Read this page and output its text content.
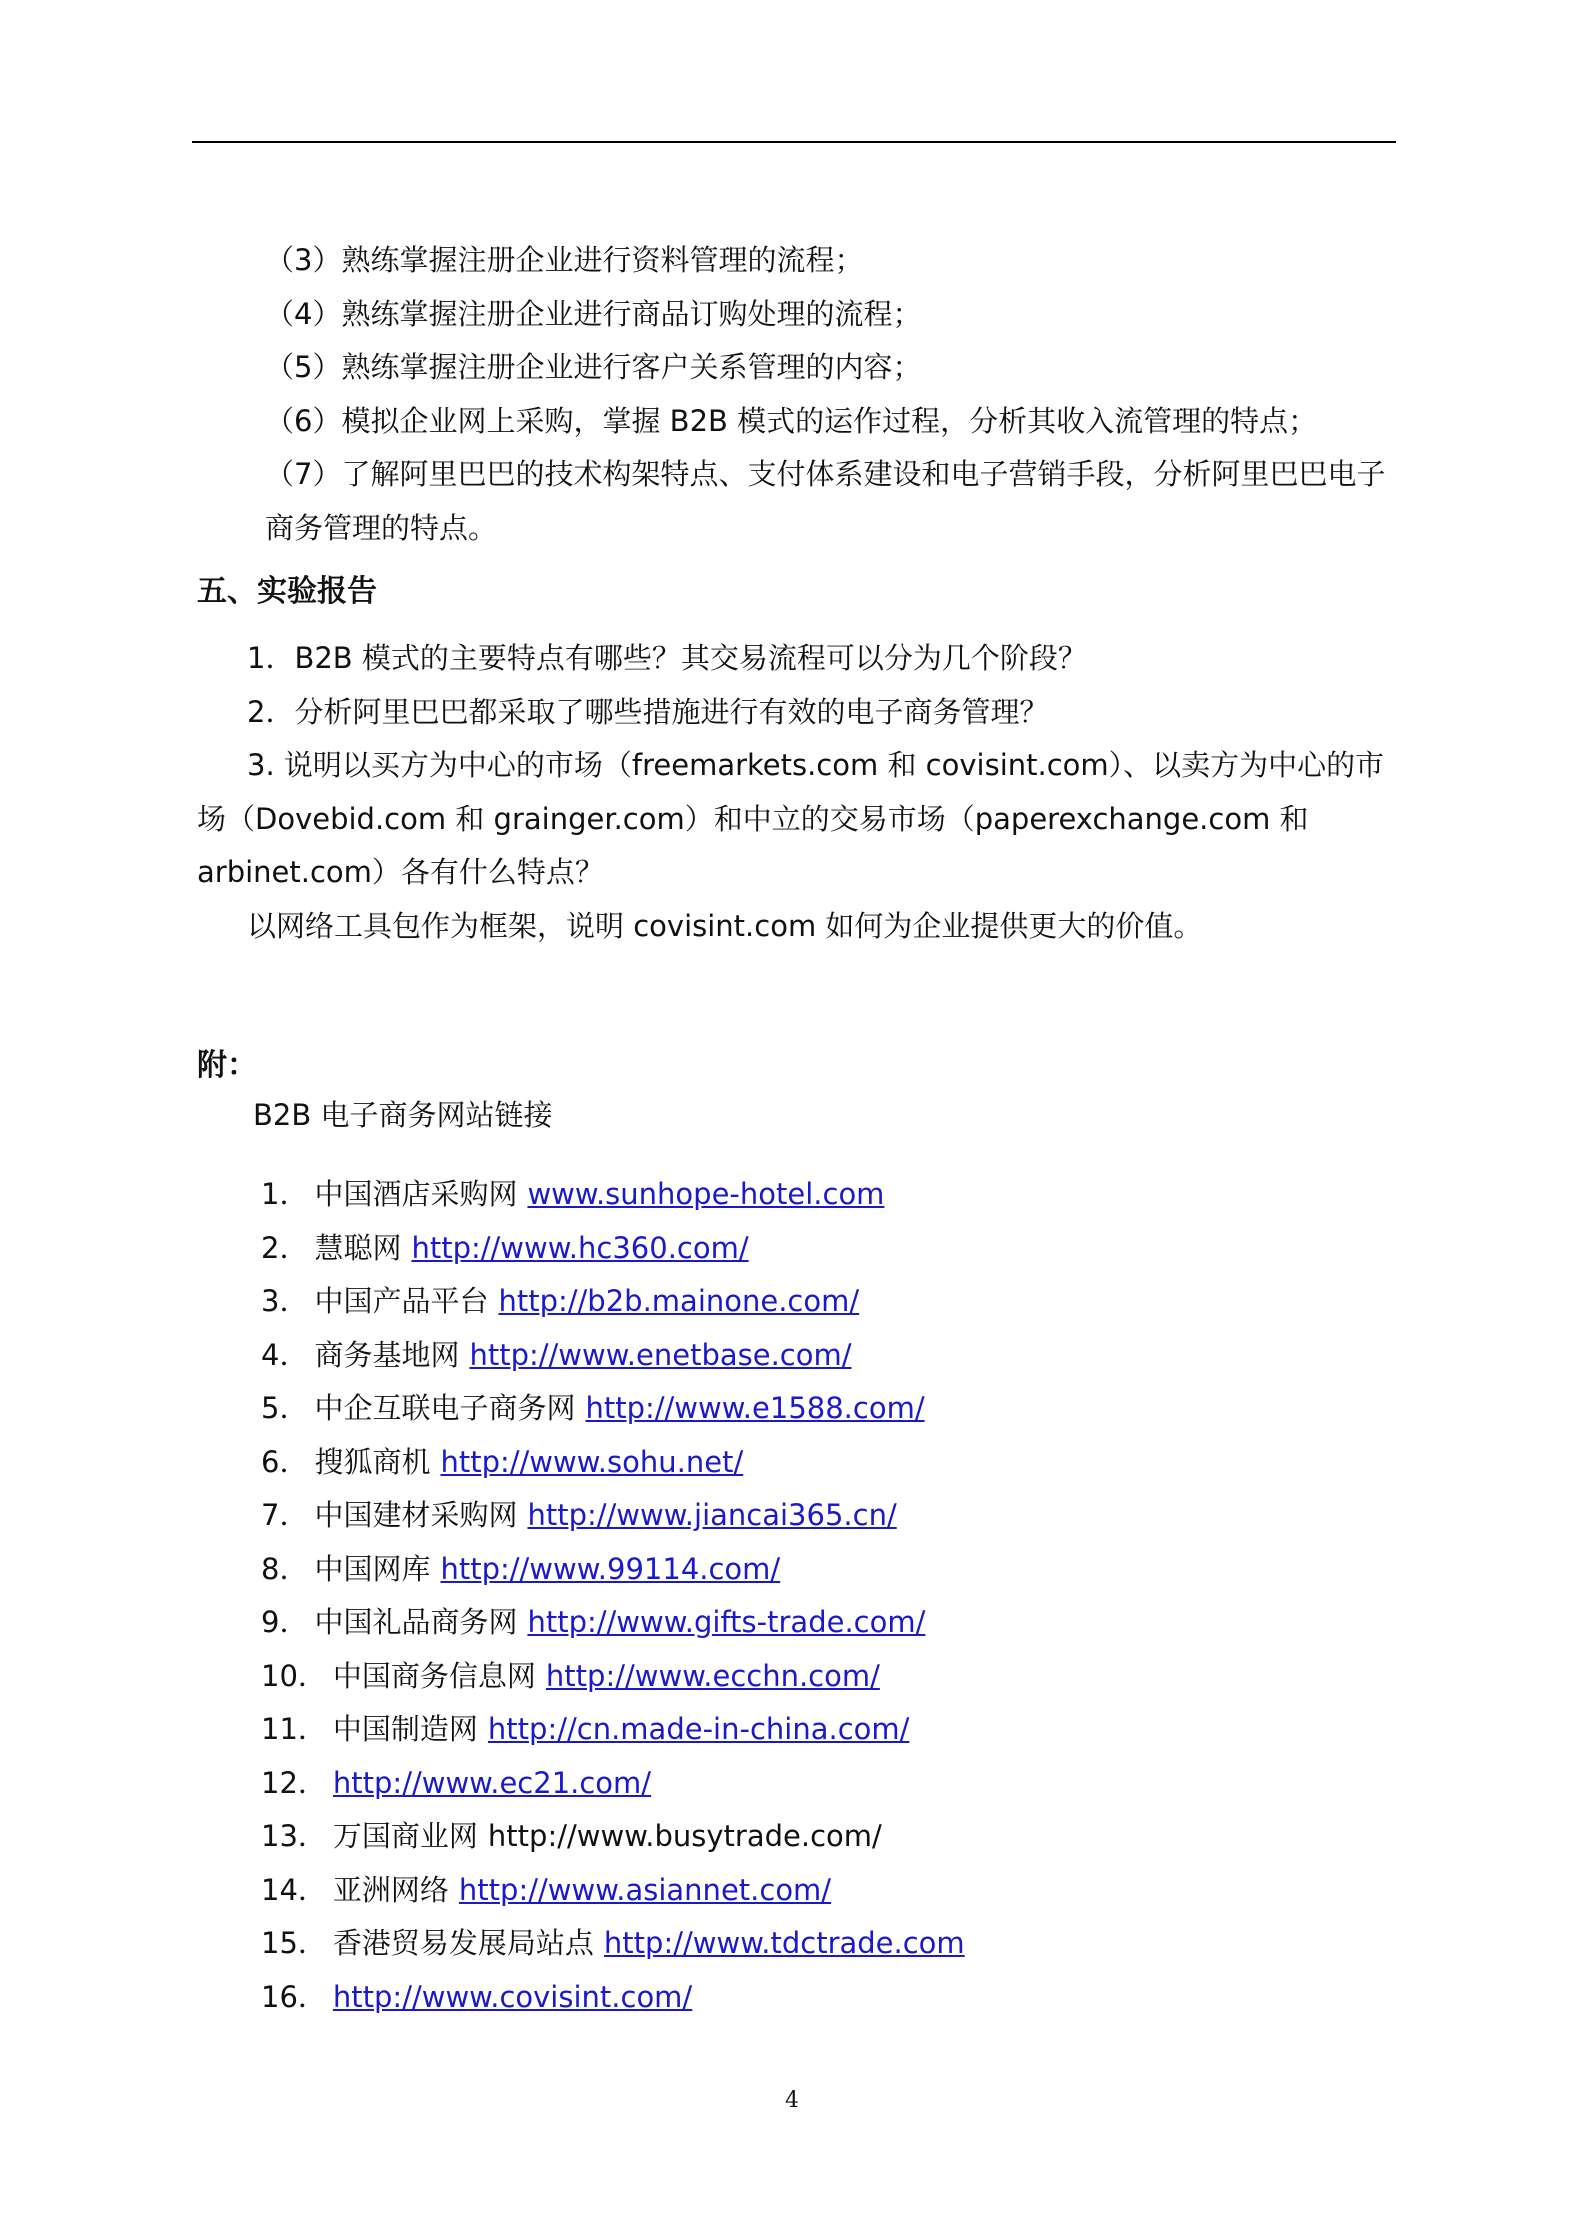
（3）熟练掌握注册企业进行资料管理的流程；
（4）熟练掌握注册企业进行商品订购处理的流程；
（5）熟练掌握注册企业进行客户关系管理的内容；
（6）模拟企业网上采购，掌握 B2B 模式的运作过程，分析其收入流管理的特点；
（7）了解阿里巴巴的技术构架特点、支付体系建设和电子营销手段，分析阿里巴巴电子商务管理的特点。
五、实验报告
1．B2B 模式的主要特点有哪些？其交易流程可以分为几个阶段？
2．分析阿里巴巴都采取了哪些措施进行有效的电子商务管理？
3. 说明以买方为中心的市场（freemarkets.com 和 covisint.com）、以卖方为中心的市场（Dovebid.com 和 grainger.com）和中立的交易市场（paperexchange.com 和 arbinet.com）各有什么特点？
以网络工具包作为框架，说明 covisint.com 如何为企业提供更大的价值。
附：
B2B 电子商务网站链接
1． 中国酒店采购网 www.sunhope-hotel.com
2． 慧聪网 http://www.hc360.com/
3． 中国产品平台 http://b2b.mainone.com/
4． 商务基地网 http://www.enetbase.com/
5． 中企互联电子商务网 http://www.e1588.com/
6． 搜狐商机 http://www.sohu.net/
7． 中国建材采购网 http://www.jiancai365.cn/
8． 中国网库 http://www.99114.com/
9． 中国礼品商务网 http://www.gifts-trade.com/
10． 中国商务信息网 http://www.ecchn.com/
11． 中国制造网 http://cn.made-in-china.com/
12． http://www.ec21.com/
13． 万国商业网 http://www.busytrade.com/
14． 亚洲网络 http://www.asiannet.com/
15． 香港贸易发展局站点 http://www.tdctrade.com
16． http://www.covisint.com/
4
